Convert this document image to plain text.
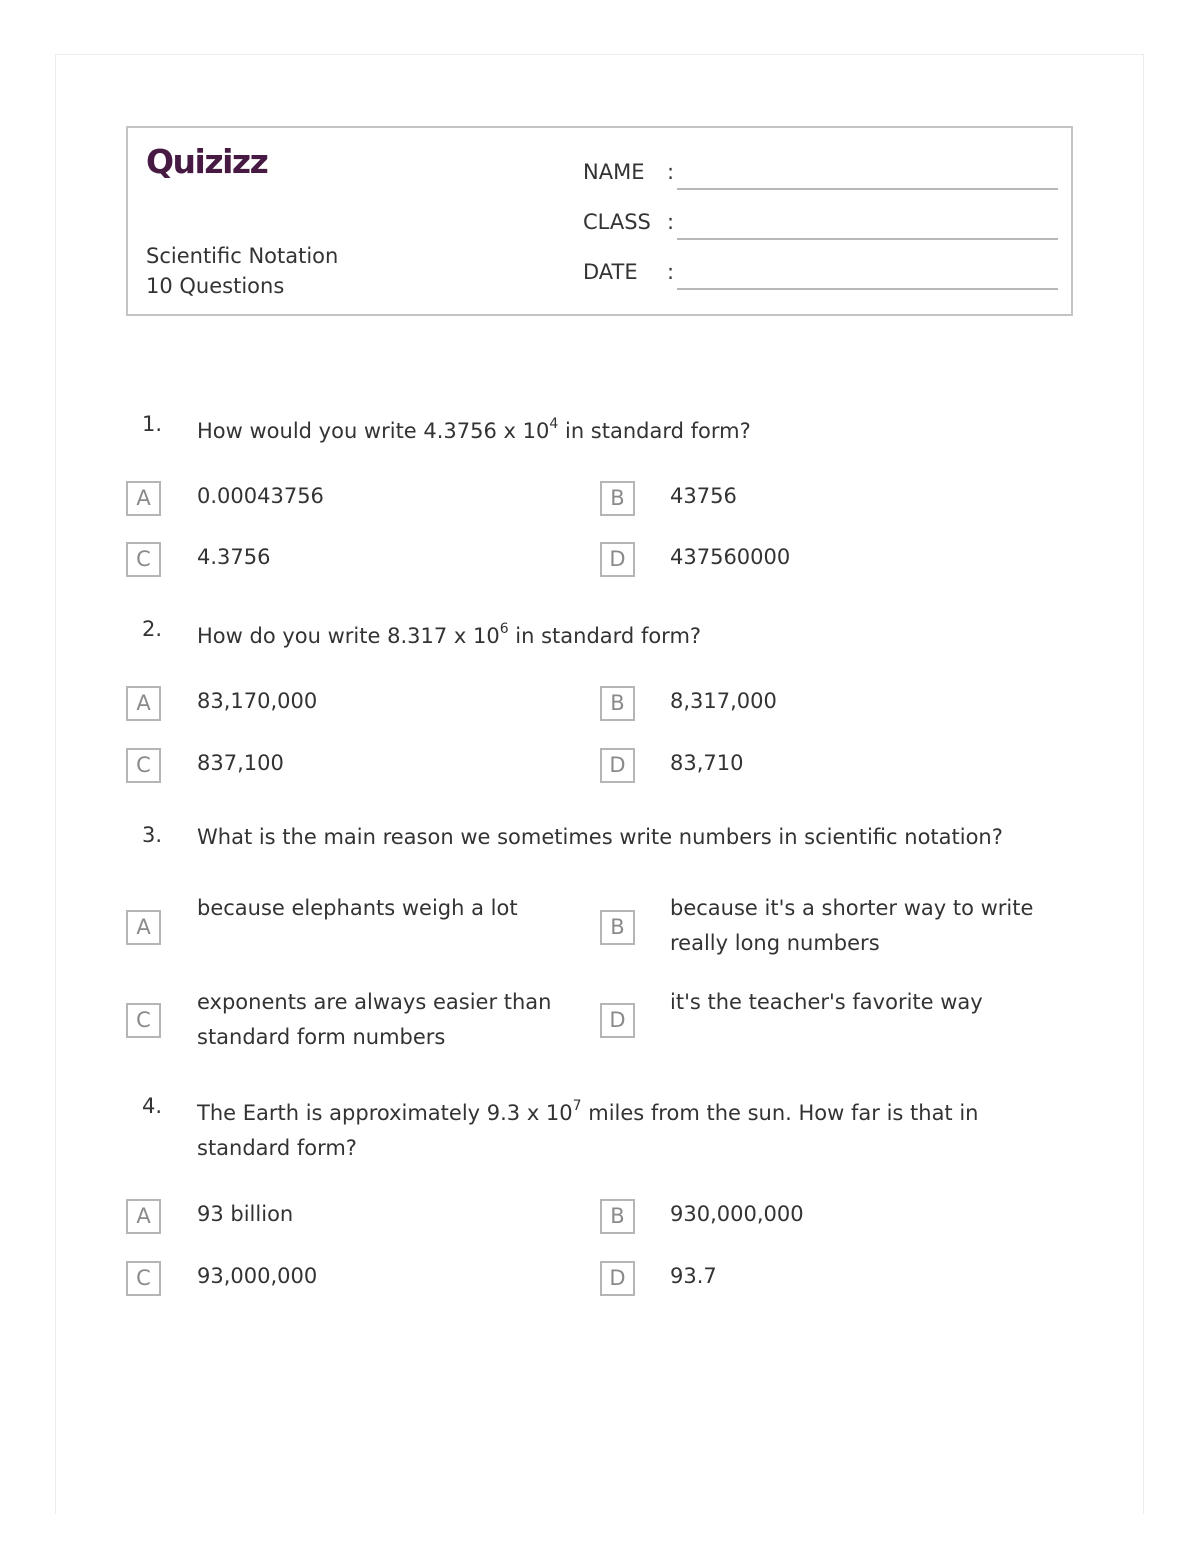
Quizizz
Scientific Notation
10 Questions
NAME :
CLASS :
DATE :
1. How would you write 4.3756 x $10^4$ in standard form?
A	0.00043756	B	43756
C	4.3756	D	437560000
2. How do you write 8.317 x $10^6$ in standard form?
A	83,170,000	B	8,317,000
C	837,100	D	83,710
3. What is the main reason we sometimes write numbers in scientific notation?
A
because elephants weigh a lot
B
because it's a shorter way to write really long numbers
C
exponents are always easier than standard form numbers
D
it's the teacher's favorite way
4. The Earth is approximately 9.3 x $10^7$ miles from the sun. How far is that in standard form?
A	93 billion	B	930,000,000
C	93,000,000	D	93.7
